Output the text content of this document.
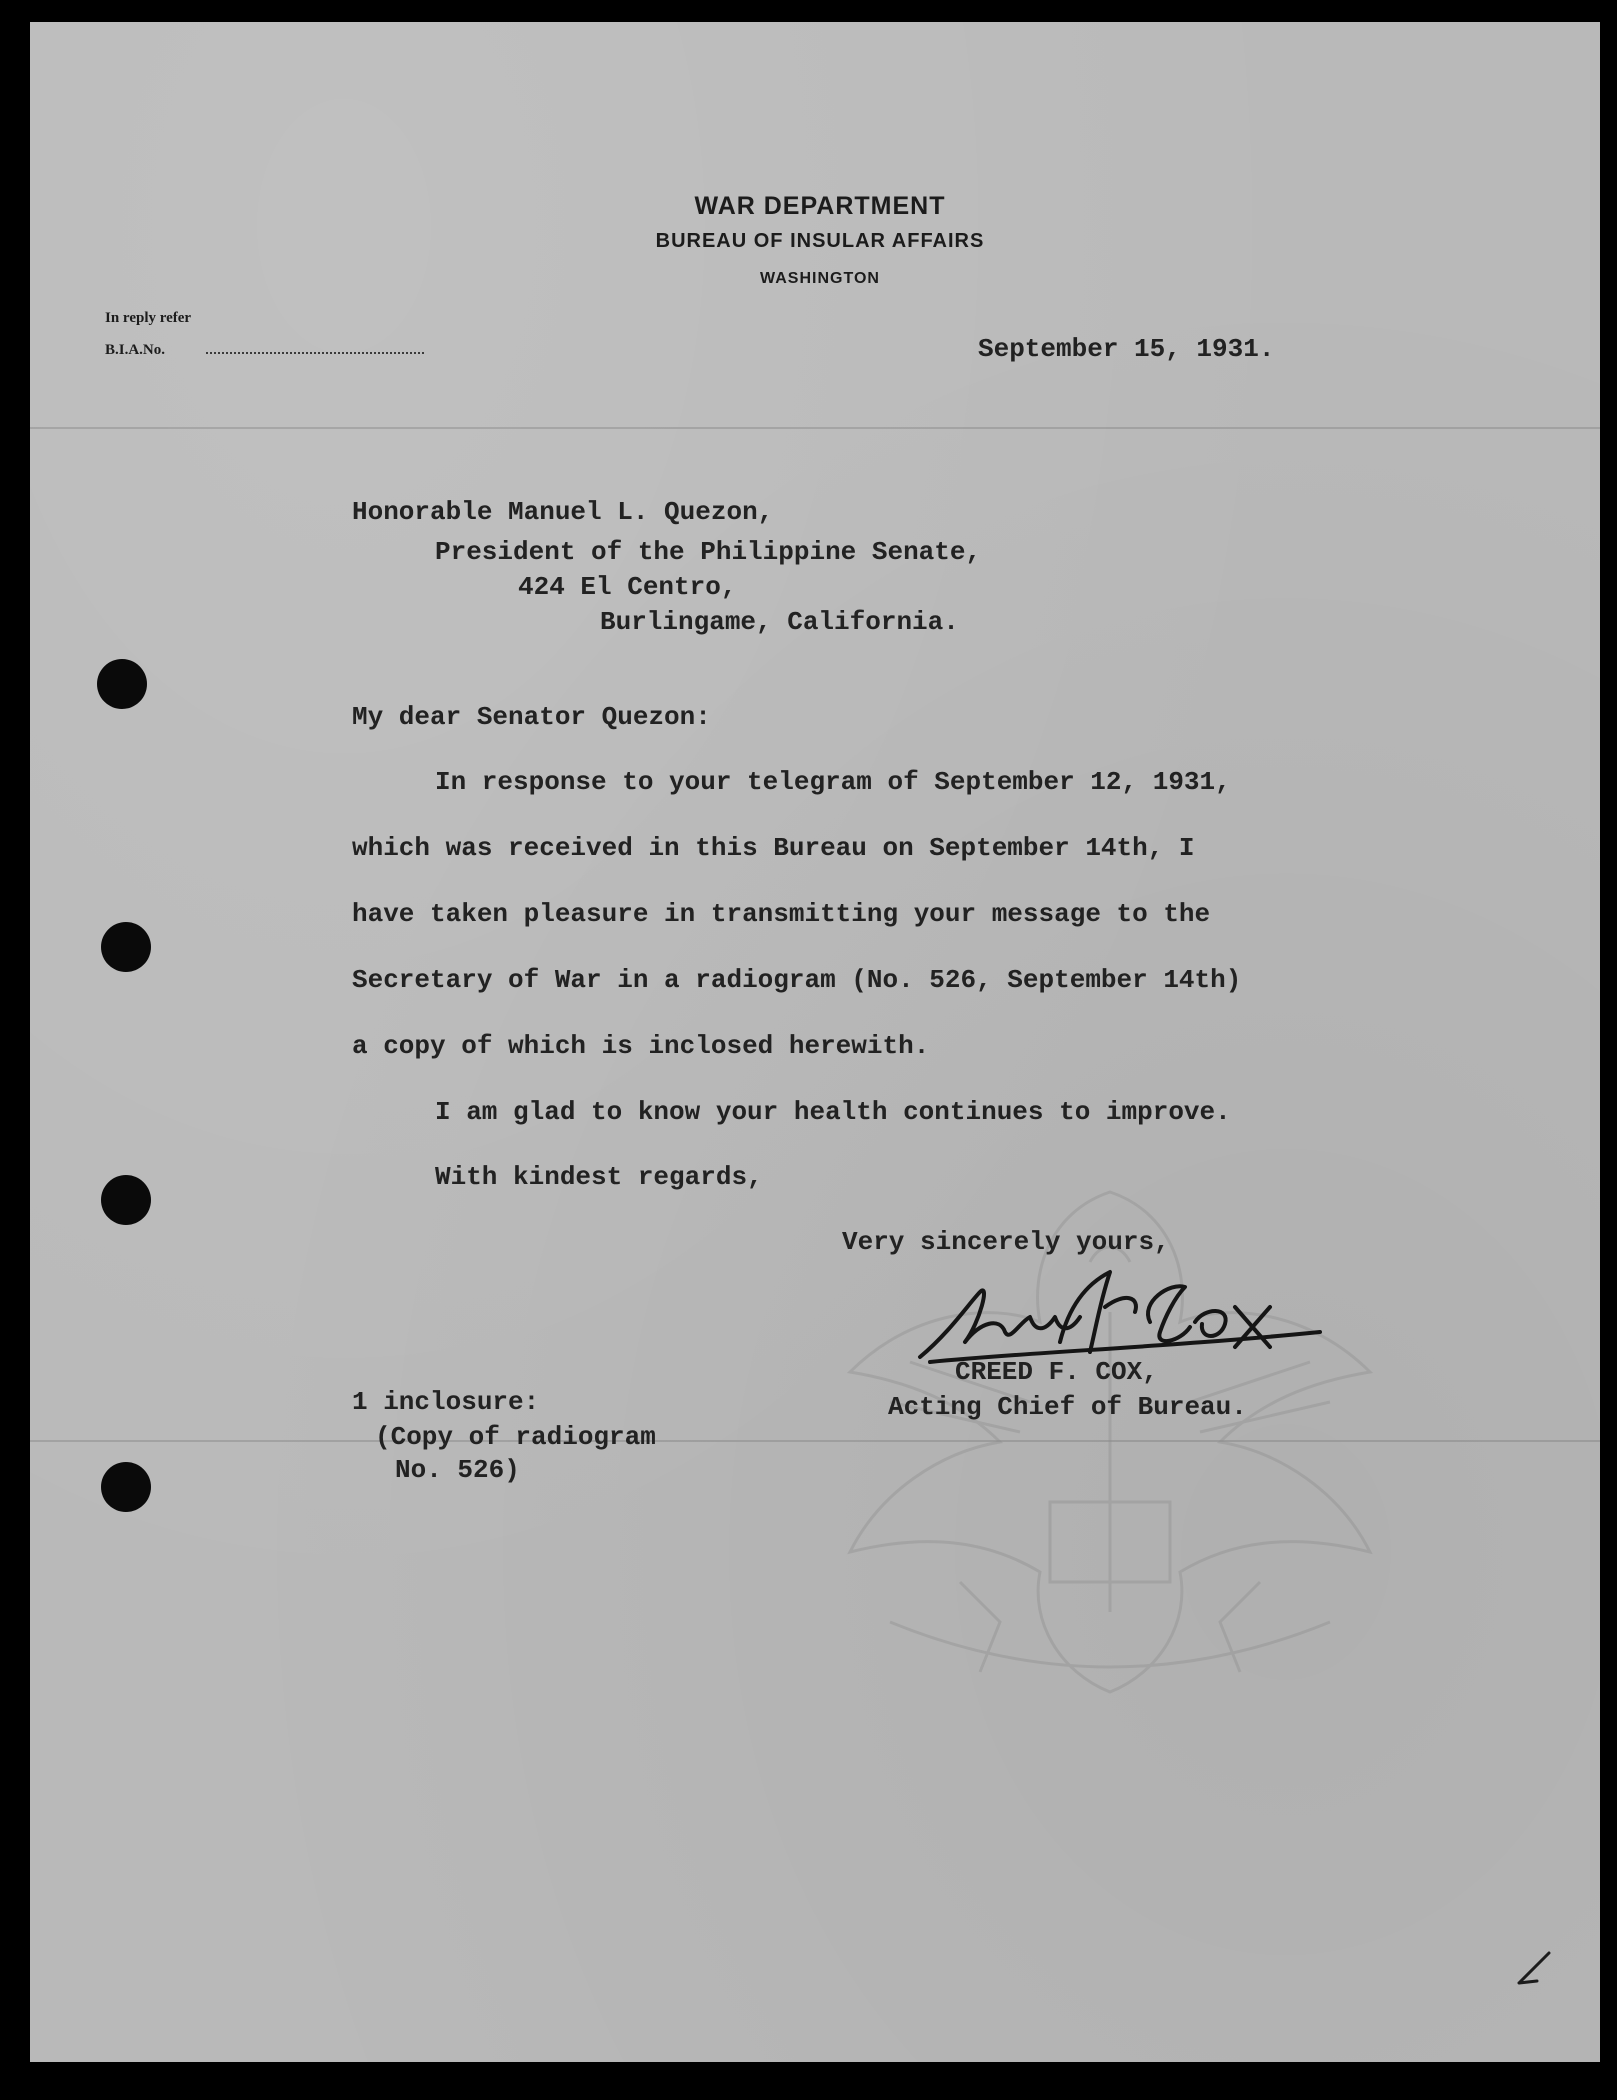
WAR DEPARTMENT

BUREAU OF INSULAR AFFAIRS

WASHINGTON

In reply refer
B.I.A.No.	September 15, 1931.

Honorable Manuel L. Quezon,

President of the Philippine Senate,

424 El Centro,

Burlingame, California.

My dear Senator Quezon:

In response to your telegram of September 12, 1931,

which was received in this Bureau on September 14th, I

have taken pleasure in transmitting your message to the

Secretary of War in a radiogram (No. 526, September 14th)

a copy of which is inclosed herewith.

I am glad to know your health continues to improve.

With kindest regards,

Very sincerely yours,

CREED F. COX,

Acting Chief of Bureau.

1 inclosure:

(Copy of radiogram

No. 526)
